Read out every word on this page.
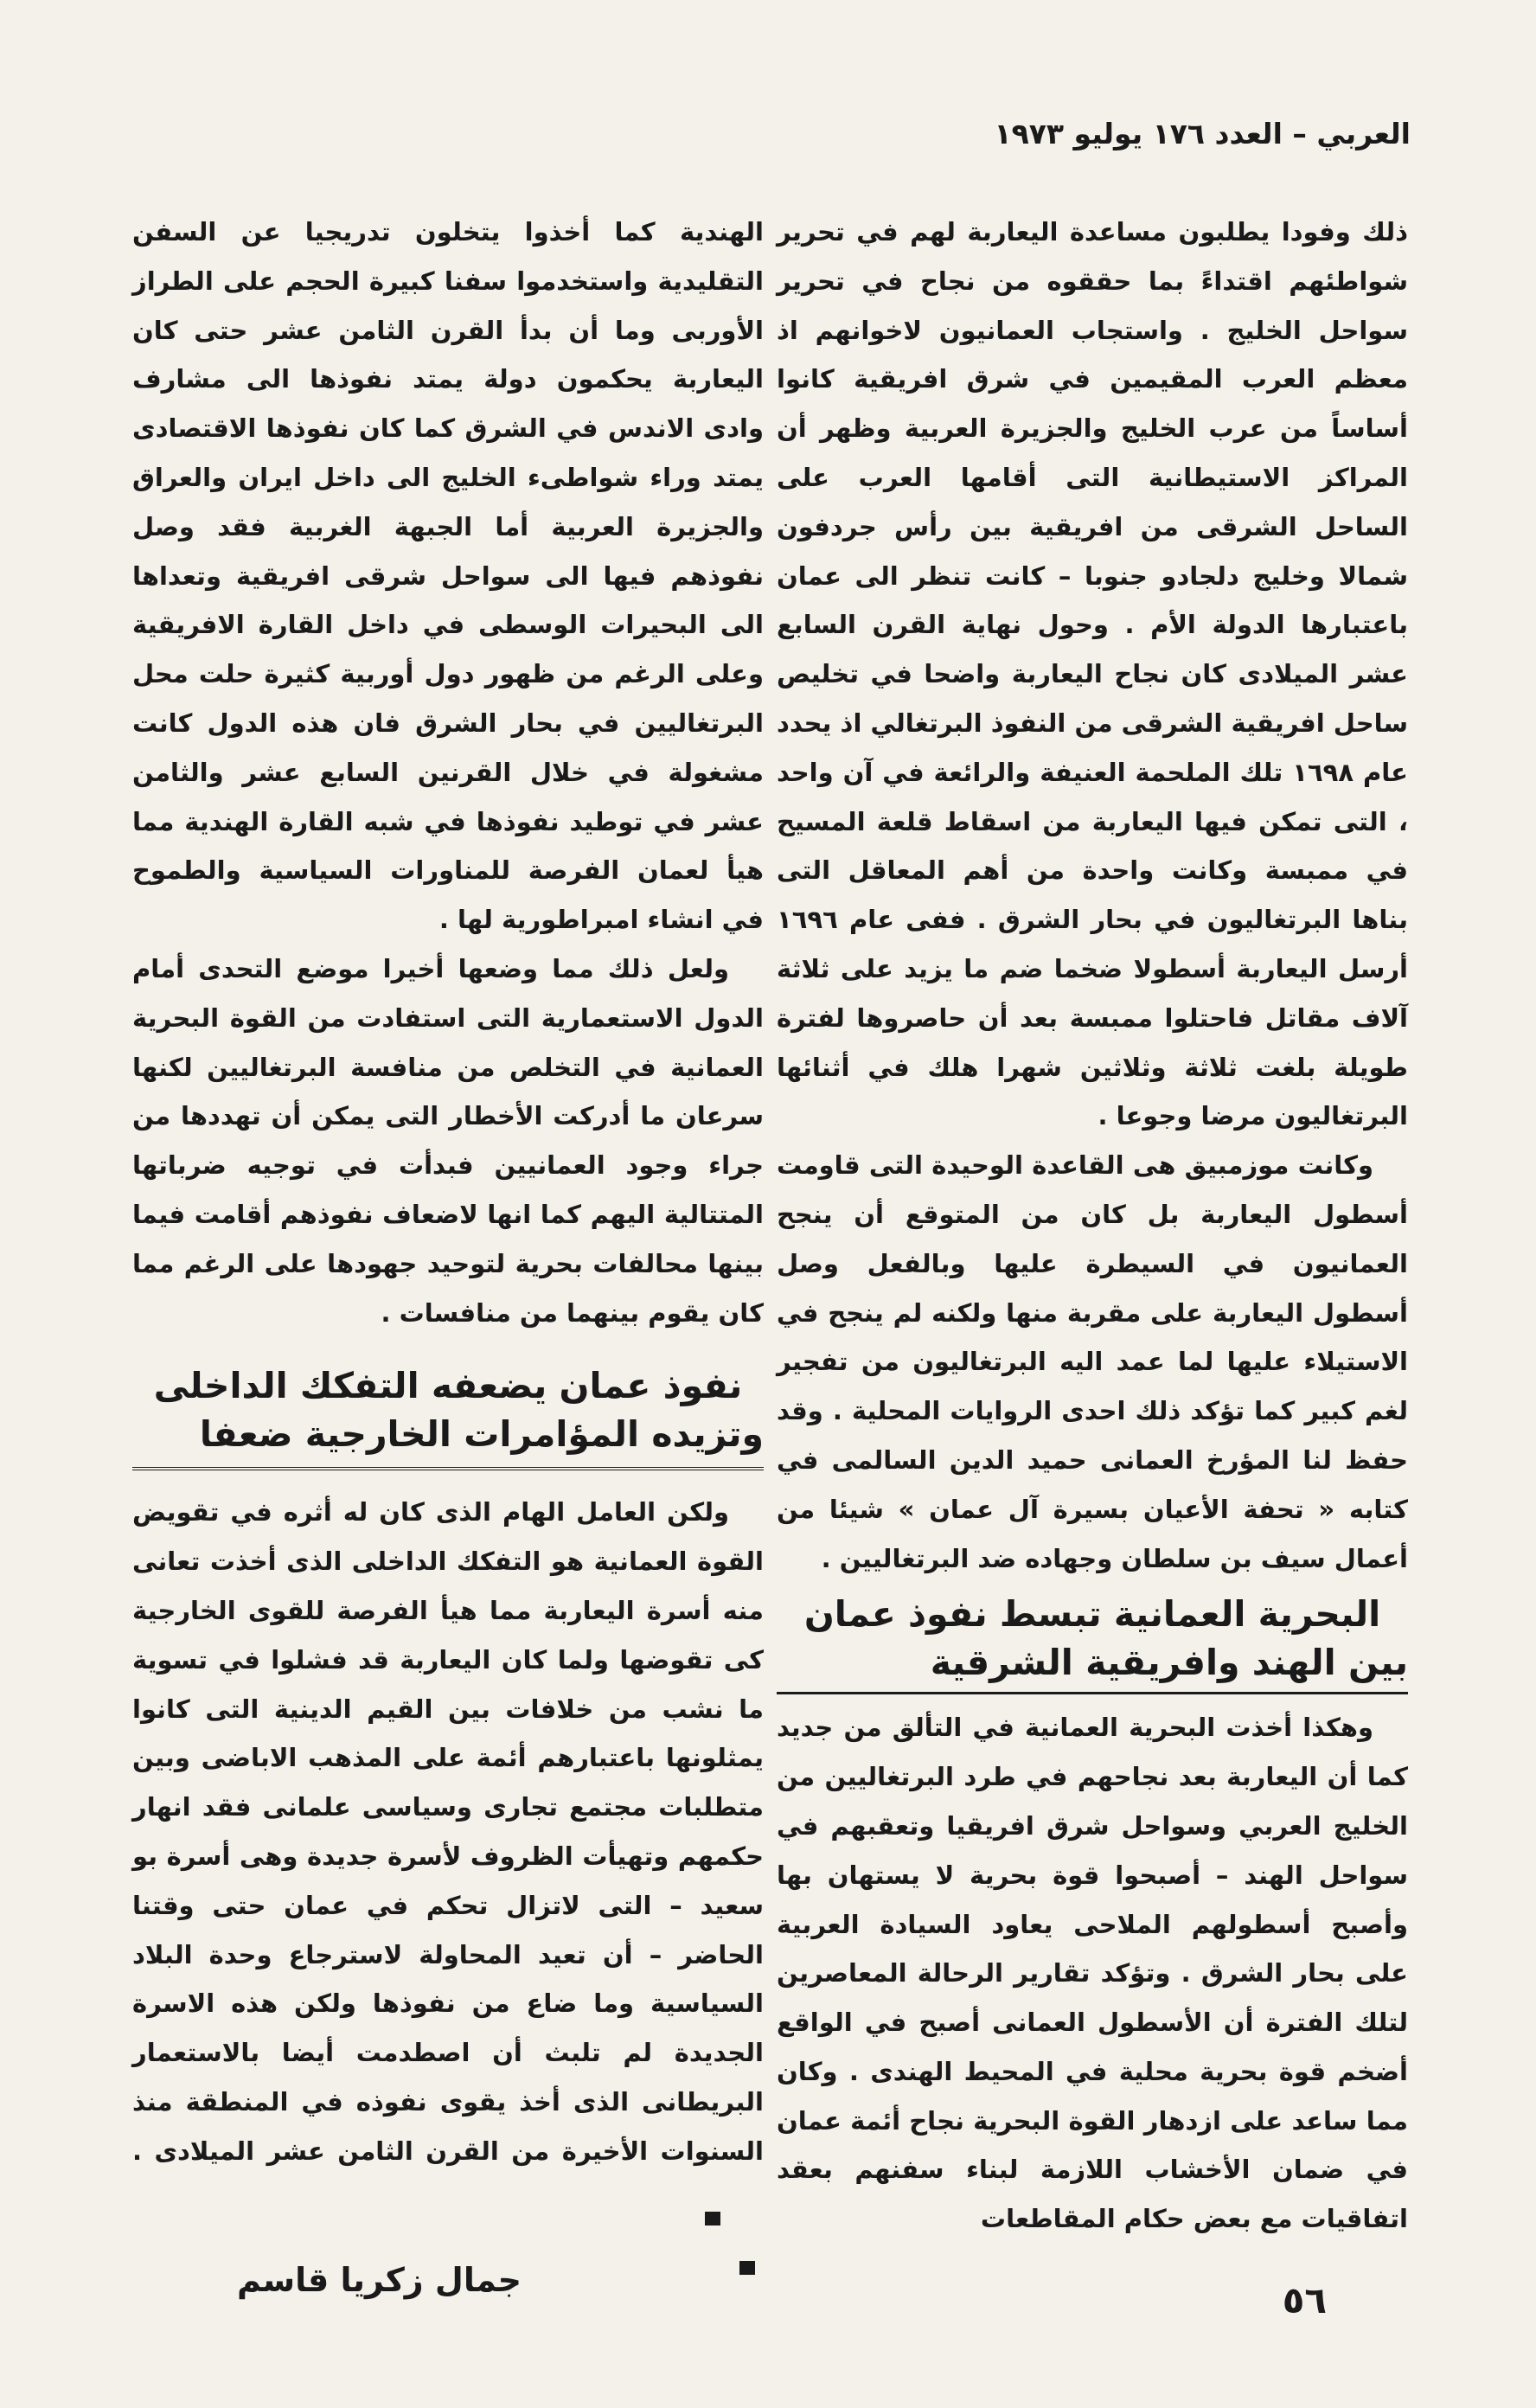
العربي – العدد ١٧٦ يوليو ١٩٧٣

ذلك وفودا يطلبون مساعدة اليعاربة لهم في تحرير شواطئهم اقتداءً بما حققوه من نجاح في تحرير سواحل الخليج . واستجاب العمانيون لاخوانهم اذ معظم العرب المقيمين في شرق افريقية كانوا أساساً من عرب الخليج والجزيرة العربية وظهر أن المراكز الاستيطانية التى أقامها العرب على الساحل الشرقى من افريقية بين رأس جردفون شمالا وخليج دلجادو جنوبا – كانت تنظر الى عمان باعتبارها الدولة الأم . وحول نهاية القرن السابع عشر الميلادى كان نجاح اليعاربة واضحا في تخليص ساحل افريقية الشرقى من النفوذ البرتغالي اذ يحدد عام ١٦٩٨ تلك الملحمة العنيفة والرائعة في آن واحد ، التى تمكن فيها اليعاربة من اسقاط قلعة المسيح في ممبسة وكانت واحدة من أهم المعاقل التى بناها البرتغاليون في بحار الشرق . ففى عام ١٦٩٦ أرسل اليعاربة أسطولا ضخما ضم ما يزيد على ثلاثة آلاف مقاتل فاحتلوا ممبسة بعد أن حاصروها لفترة طويلة بلغت ثلاثة وثلاثين شهرا هلك في أثنائها البرتغاليون مرضا وجوعا .

وكانت موزمبيق هى القاعدة الوحيدة التى قاومت أسطول اليعاربة بل كان من المتوقع أن ينجح العمانيون في السيطرة عليها وبالفعل وصل أسطول اليعاربة على مقربة منها ولكنه لم ينجح في الاستيلاء عليها لما عمد اليه البرتغاليون من تفجير لغم كبير كما تؤكد ذلك احدى الروايات المحلية . وقد حفظ لنا المؤرخ العمانى حميد الدين السالمى في كتابه « تحفة الأعيان بسيرة آل عمان » شيئا من أعمال سيف بن سلطان وجهاده ضد البرتغاليين .

البحرية العمانية تبسط نفوذ عمان بين الهند وافريقية الشرقية

وهكذا أخذت البحرية العمانية في التألق من جديد كما أن اليعاربة بعد نجاحهم في طرد البرتغاليين من الخليج العربي وسواحل شرق افريقيا وتعقبهم في سواحل الهند – أصبحوا قوة بحرية لا يستهان بها وأصبح أسطولهم الملاحى يعاود السيادة العربية على بحار الشرق . وتؤكد تقارير الرحالة المعاصرين لتلك الفترة أن الأسطول العمانى أصبح في الواقع أضخم قوة بحرية محلية في المحيط الهندى . وكان مما ساعد على ازدهار القوة البحرية نجاح أئمة عمان في ضمان الأخشاب اللازمة لبناء سفنهم بعقد اتفاقيات مع بعض حكام المقاطعات

الهندية كما أخذوا يتخلون تدريجيا عن السفن التقليدية واستخدموا سفنا كبيرة الحجم على الطراز الأوربى وما أن بدأ القرن الثامن عشر حتى كان اليعاربة يحكمون دولة يمتد نفوذها الى مشارف وادى الاندس في الشرق كما كان نفوذها الاقتصادى يمتد وراء شواطىء الخليج الى داخل ايران والعراق والجزيرة العربية أما الجبهة الغربية فقد وصل نفوذهم فيها الى سواحل شرقى افريقية وتعداها الى البحيرات الوسطى في داخل القارة الافريقية وعلى الرغم من ظهور دول أوربية كثيرة حلت محل البرتغاليين في بحار الشرق فان هذه الدول كانت مشغولة في خلال القرنين السابع عشر والثامن عشر في توطيد نفوذها في شبه القارة الهندية مما هيأ لعمان الفرصة للمناورات السياسية والطموح في انشاء امبراطورية لها .

ولعل ذلك مما وضعها أخيرا موضع التحدى أمام الدول الاستعمارية التى استفادت من القوة البحرية العمانية في التخلص من منافسة البرتغاليين لكنها سرعان ما أدركت الأخطار التى يمكن أن تهددها من جراء وجود العمانيين فبدأت في توجيه ضرباتها المتتالية اليهم كما انها لاضعاف نفوذهم أقامت فيما بينها محالفات بحرية لتوحيد جهودها على الرغم مما كان يقوم بينهما من منافسات .

نفوذ عمان يضعفه التفكك الداخلى وتزيده المؤامرات الخارجية ضعفا

ولكن العامل الهام الذى كان له أثره في تقويض القوة العمانية هو التفكك الداخلى الذى أخذت تعانى منه أسرة اليعاربة مما هيأ الفرصة للقوى الخارجية كى تقوضها ولما كان اليعاربة قد فشلوا في تسوية ما نشب من خلافات بين القيم الدينية التى كانوا يمثلونها باعتبارهم أئمة على المذهب الاباضى وبين متطلبات مجتمع تجارى وسياسى علمانى فقد انهار حكمهم وتهيأت الظروف لأسرة جديدة وهى أسرة بو سعيد – التى لاتزال تحكم في عمان حتى وقتنا الحاضر – أن تعيد المحاولة لاسترجاع وحدة البلاد السياسية وما ضاع من نفوذها ولكن هذه الاسرة الجديدة لم تلبث أن اصطدمت أيضا بالاستعمار البريطانى الذى أخذ يقوى نفوذه في المنطقة منذ السنوات الأخيرة من القرن الثامن عشر الميلادى .

جمال زكريا قاسم	٥٦
